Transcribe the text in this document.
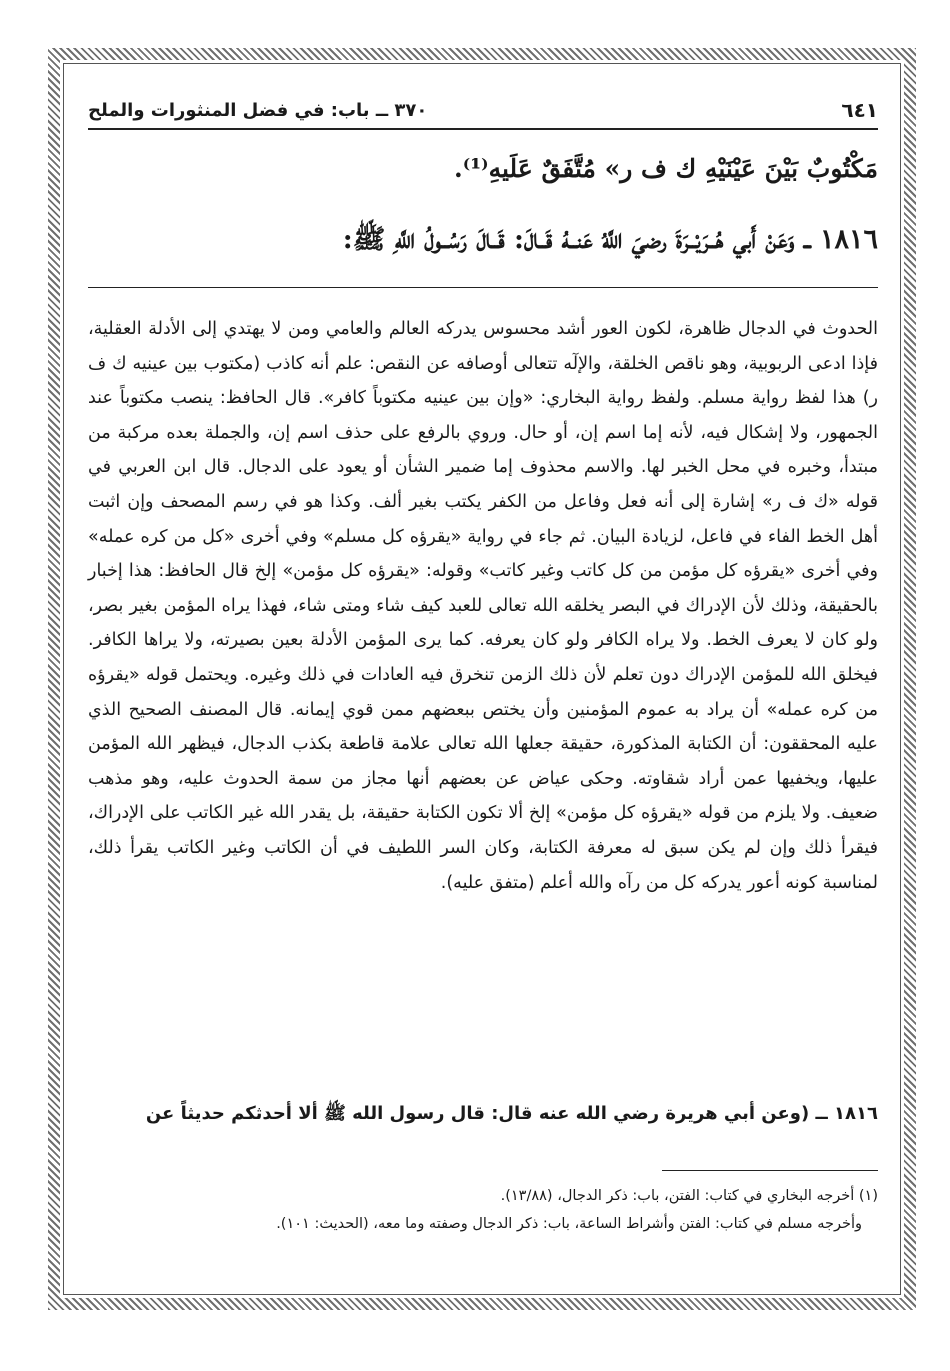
٣٧٠ ــ باب: في فضل المنثورات والملح	٦٤١
مَكْتُوبٌ بَيْنَ عَيْنَيْهِ ك ف ر» مُتَّفَقٌ عَلَيهِ⁽¹⁾.
١٨١٦ ــ وَعَنْ أَبي هُــرَيْــرَةَ رضيَ اللَّهُ عَنــهُ قَــالَ: قَــالَ رَسُــولُ اللَّهِ ﷺ:
الحدوث في الدجال ظاهرة، لكون العور أشد محسوس يدركه العالم والعامي ومن لا يهتدي إلى الأدلة العقلية، فإذا ادعى الربوبية، وهو ناقص الخلقة، والإلٓه تتعالى أوصافه عن النقص: علم أنه كاذب (مكتوب بين عينيه ك ف ر) هذا لفظ رواية مسلم. ولفظ رواية البخاري: «وإن بين عينيه مكتوباً كافر». قال الحافظ: ينصب مكتوباً عند الجمهور، ولا إشكال فيه، لأنه إما اسم إن، أو حال. وروي بالرفع على حذف اسم إن، والجملة بعده مركبة من مبتدأ، وخبره في محل الخبر لها. والاسم محذوف إما ضمير الشأن أو يعود على الدجال. قال ابن العربي في قوله «ك ف ر» إشارة إلى أنه فعل وفاعل من الكفر يكتب بغير ألف. وكذا هو في رسم المصحف وإن اثبت أهل الخط الفاء في فاعل، لزيادة البيان. ثم جاء في رواية «يقرؤه كل مسلم» وفي أخرى «كل من كره عمله» وفي أخرى «يقرؤه كل مؤمن من كل كاتب وغير كاتب» وقوله: «يقرؤه كل مؤمن» إلخ قال الحافظ: هذا إخبار بالحقيقة، وذلك لأن الإدراك في البصر يخلقه الله تعالى للعبد كيف شاء ومتى شاء، فهذا يراه المؤمن بغير بصر، ولو كان لا يعرف الخط. ولا يراه الكافر ولو كان يعرفه. كما يرى المؤمن الأدلة بعين بصيرته، ولا يراها الكافر. فيخلق الله للمؤمن الإدراك دون تعلم لأن ذلك الزمن تنخرق فيه العادات في ذلك وغيره. ويحتمل قوله «يقرؤه من كره عمله» أن يراد به عموم المؤمنين وأن يختص ببعضهم ممن قوي إيمانه. قال المصنف الصحيح الذي عليه المحققون: أن الكتابة المذكورة، حقيقة جعلها الله تعالى علامة قاطعة بكذب الدجال، فيظهر الله المؤمن عليها، ويخفيها عمن أراد شقاوته. وحكى عياض عن بعضهم أنها مجاز من سمة الحدوث عليه، وهو مذهب ضعيف. ولا يلزم من قوله «يقرؤه كل مؤمن» إلخ ألا تكون الكتابة حقيقة، بل يقدر الله غير الكاتب على الإدراك، فيقرأ ذلك وإن لم يكن سبق له معرفة الكتابة، وكان السر اللطيف في أن الكاتب وغير الكاتب يقرأ ذلك، لمناسبة كونه أعور يدركه كل من رآه والله أعلم (متفق عليه).
١٨١٦ ــ (وعن أبي هريرة رضي الله عنه قال: قال رسول الله ﷺ ألا أحدثكم حديثاً عن

(١) أخرجه البخاري في كتاب: الفتن، باب: ذكر الدجال، (١٣/٨٨).

وأخرجه مسلم في كتاب: الفتن وأشراط الساعة، باب: ذكر الدجال وصفته وما معه، (الحديث: ١٠١).
